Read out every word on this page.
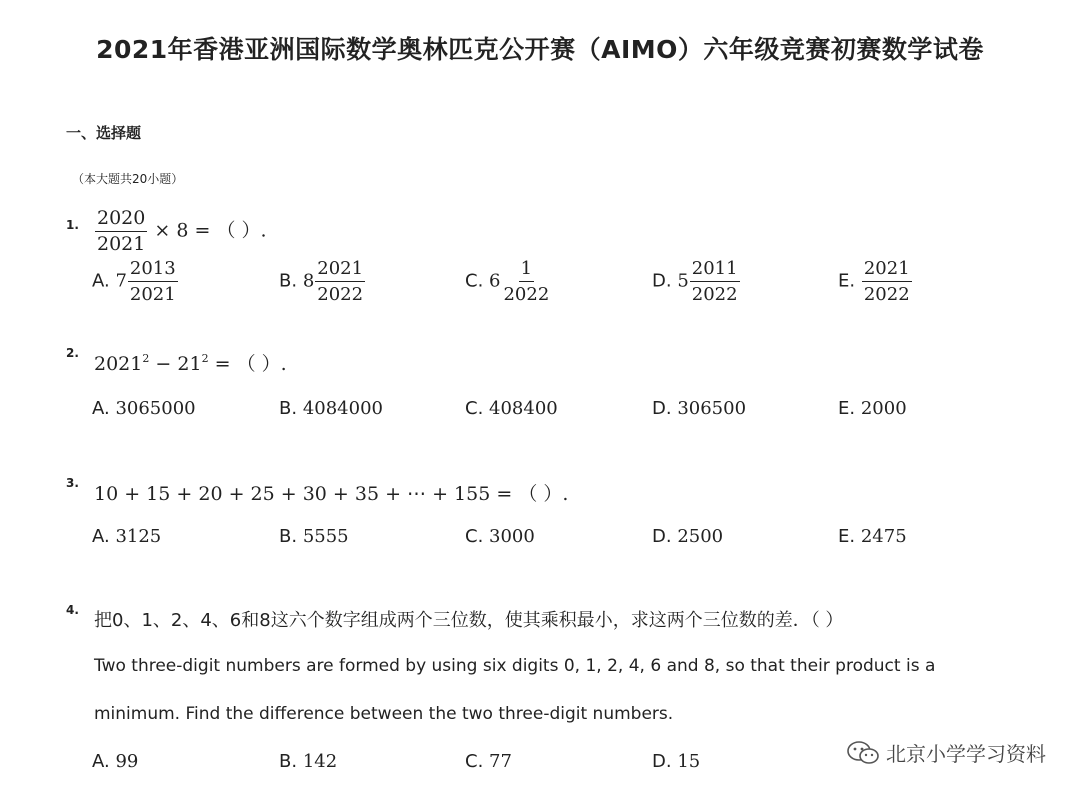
2021年香港亚洲国际数学奥林匹克公开赛（AIMO）六年级竞赛初赛数学试卷
一、选择题
（本大题共20小题）
1. $\frac{2020}{2021} \times 8$ = （ ）.
A. $7 \frac{2013}{2021}$	B. $8 \frac{2021}{2022}$	C. $6 \frac{1}{2022}$	D. $5 \frac{2011}{2022}$	E. $\frac{2021}{2022}$
2. $2021^2 - 21^2$ = （ ）.
A. 3065000	B. 4084000	C. 408400	D. 306500	E. 2000
3. 10 + 15 + 20 + 25 + 30 + 35 + ⋯ + 155 = （ ）.
A. 3125	B. 5555	C. 3000	D. 2500	E. 2475
4. 把0、1、2、4、6和8这六个数字组成两个三位数，使其乘积最小，求这两个三位数的差．（ ）
Two three-digit numbers are formed by using six digits 0, 1, 2, 4, 6 and 8, so that their product is a
minimum. Find the difference between the two three-digit numbers.
A. 99	B. 142	C. 77	D. 15	北京小学学习资料
